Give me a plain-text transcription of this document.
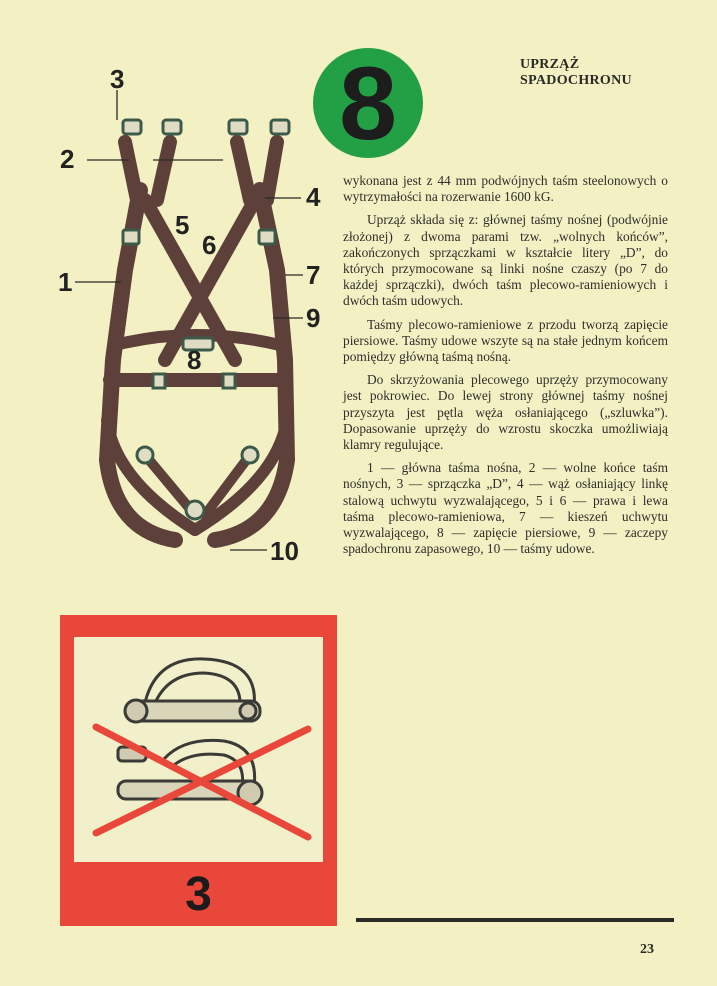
3
2
4
5
6
1	7
9
8
10
8	UPRZĄŻ
SPADOCHRONU

wykonana jest z 44 mm podwójnych taśm steelonowych o wytrzymałości na rozerwanie 1600 kG.

Uprząż składa się z: głównej taśmy nośnej (podwójnie złożonej) z dwoma parami tzw. „wolnych końców”, zakończonych sprzączkami w kształcie litery „D”, do których przymocowane są linki nośne czaszy (po 7 do każdej sprzączki), dwóch taśm plecowo-ramieniowych i dwóch taśm udowych.

Taśmy plecowo-ramieniowe z przodu tworzą zapięcie piersiowe. Taśmy udowe wszyte są na stałe jednym końcem pomiędzy główną taśmą nośną.

Do skrzyżowania plecowego uprzęży przymocowany jest pokrowiec. Do lewej strony głównej taśmy nośnej przyszyta jest pętla węża osłaniającego („szluwka”). Dopasowanie uprzęży do wzrostu skoczka umożliwiają klamry regulujące.

1 — główna taśma nośna, 2 — wolne końce taśm nośnych, 3 — sprzączka „D”, 4 — wąż osłaniający linkę stalową uchwytu wyzwalającego, 5 i 6 — prawa i lewa taśma plecowo-ramieniowa, 7 — kieszeń uchwytu wyzwalającego, 8 — zapięcie piersiowe, 9 — zaczepy spadochronu zapasowego, 10 — taśmy udowe.

3
23
